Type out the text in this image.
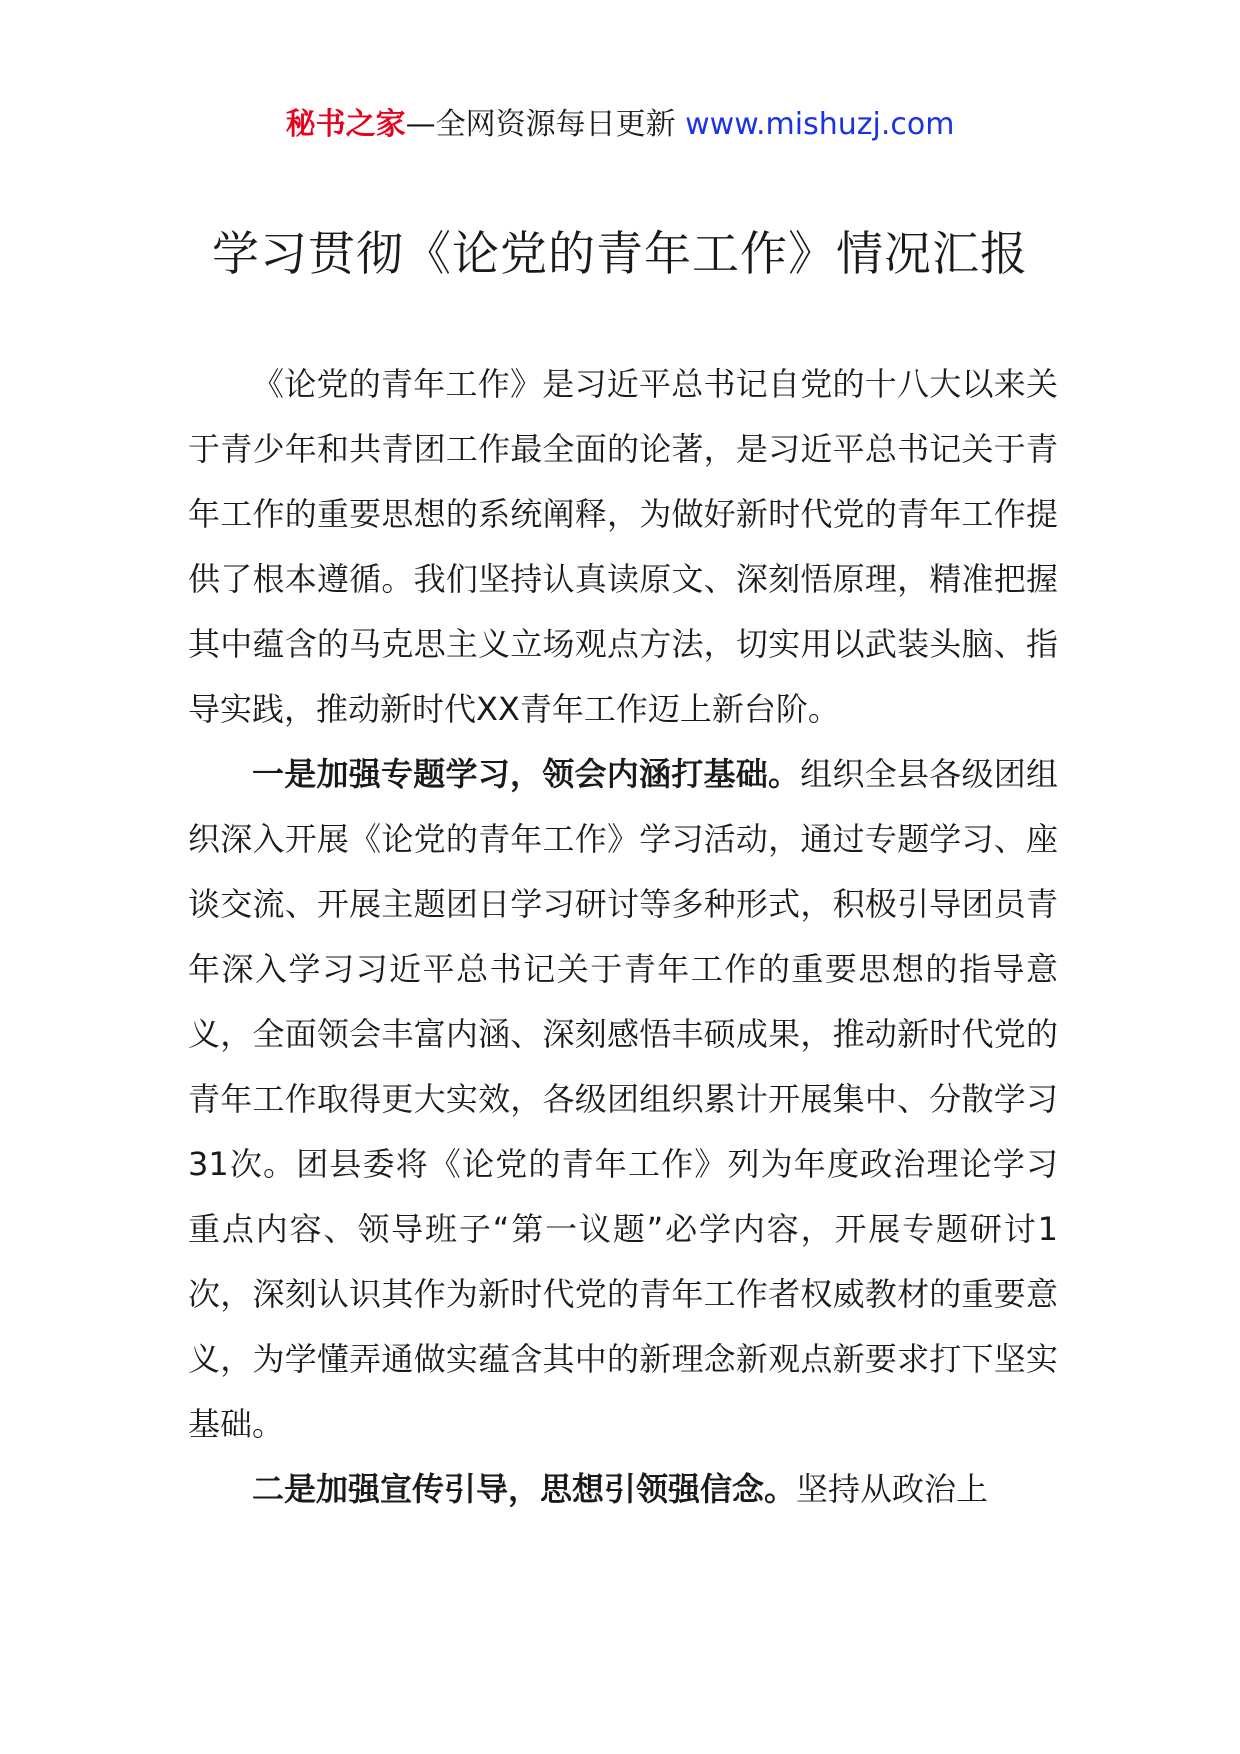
秘书之家—全网资源每日更新 www.mishuzj.com
学习贯彻《论党的青年工作》情况汇报

《论党的青年工作》是习近平总书记自党的十八大以来关于青少年和共青团工作最全面的论著，是习近平总书记关于青年工作的重要思想的系统阐释，为做好新时代党的青年工作提供了根本遵循。我们坚持认真读原文、深刻悟原理，精准把握其中蕴含的马克思主义立场观点方法，切实用以武装头脑、指导实践，推动新时代XX青年工作迈上新台阶。

一是加强专题学习，领会内涵打基础。组织全县各级团组织深入开展《论党的青年工作》学习活动，通过专题学习、座谈交流、开展主题团日学习研讨等多种形式，积极引导团员青年深入学习习近平总书记关于青年工作的重要思想的指导意义，全面领会丰富内涵、深刻感悟丰硕成果，推动新时代党的青年工作取得更大实效，各级团组织累计开展集中、分散学习31次。团县委将《论党的青年工作》列为年度政治理论学习重点内容、领导班子“第一议题”必学内容，开展专题研讨1次，深刻认识其作为新时代党的青年工作者权威教材的重要意义，为学懂弄通做实蕴含其中的新理念新观点新要求打下坚实基础。

二是加强宣传引导，思想引领强信念。坚持从政治上
